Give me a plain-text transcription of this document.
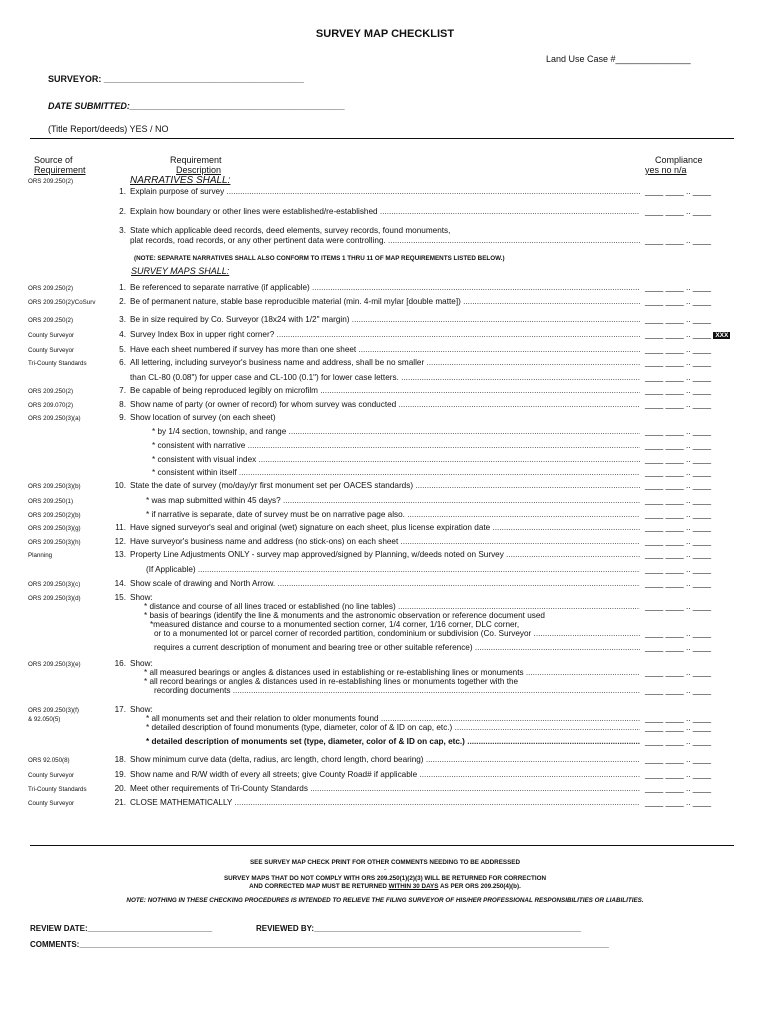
SURVEY MAP CHECKLIST
Land Use Case #_______________
SURVEYOR: ________________________________________
DATE SUBMITTED:___________________________________________
(Title Report/deeds) YES / NO
Source of
Requirement
Requirement
Description
Compliance
yes no n/a
ORS 209.250(2)	NARRATIVES SHALL:
1. Explain purpose of survey .....	____ ____ .. ____
2. Explain how boundary or other lines were established/re-established .....	____ ____ .. ____
3. State which applicable deed records, deed elements, survey records, found monuments,
plat records, road records, or any other pertinent data were controlling. .....	____ ____ .. ____
(NOTE: SEPARATE NARRATIVES SHALL ALSO CONFORM TO ITEMS 1 THRU 11 OF MAP REQUIREMENTS LISTED BELOW.)
SURVEY MAPS SHALL:
ORS 209.250(2)	1. Be referenced to separate narrative (if applicable) .....	____ ____ .. ____
ORS 209.250(2)/CoSurv	2. Be of permanent nature, stable base reproducible material (min. 4-mil mylar [double matte]) .....	____ ____ .. ____
ORS 209.250(2)	3. Be in size required by Co. Surveyor (18x24 with 1/2" margin) .....	____ ____ .. ____
County Surveyor	4. Survey Index Box in upper right corner? .....	____ ____ .. ____ XXX
County Surveyor	5. Have each sheet numbered if survey has more than one sheet .....	____ ____ .. ____
Tri-County Standards	6. All lettering, including surveyor's business name and address, shall be no smaller .....	____ ____ .. ____
than CL-80 (0.08") for upper case and CL-100 (0.1") for lower case letters. .....	____ ____ .. ____
ORS 209.250(2)	7. Be capable of being reproduced legibly on microfilm .....	____ ____ .. ____
ORS 209.070(2)	8. Show name of party (or owner of record) for whom survey was conducted .....	____ ____ .. ____
ORS 209.250(3)(a)	9. Show location of survey (on each sheet)
* by 1/4 section, township, and range .....	____ ____ .. ____
* consistent with narrative .....	____ ____ .. ____
* consistent with visual index .....	____ ____ .. ____
* consistent within itself .....	____ ____ .. ____
ORS 209.250(3)(b)	10. State the date of survey (mo/day/yr first monument set per OACES standards) .....	____ ____ .. ____
ORS 209.250(1)	* was map submitted within 45 days? .....	____ ____ .. ____
ORS 209.250(2)(b)	* if narrative is separate, date of survey must be on narrative page also. .....	____ ____ .. ____
ORS 209.250(3)(g)	11. Have signed surveyor's seal and original (wet) signature on each sheet, plus license expiration date .....	____ ____ .. ____
ORS 209.250(3)(h)	12. Have surveyor's business name and address (no stick-ons) on each sheet .....	____ ____ .. ____
Planning	13. Property Line Adjustments ONLY - survey map approved/signed by Planning, w/deeds noted on Survey .....	____ ____ .. ____
(If Applicable) .....	____ ____ .. ____
ORS 209.250(3)(c)	14. Show scale of drawing and North Arrow. .....	____ ____ .. ____
ORS 209.250(3)(d)	15. Show:
* distance and course of all lines traced or established (no line tables) .....	____ ____ .. ____
* basis of bearings (identify the line & monuments and the astronomic observation or reference document used
*measured distance and course to a monumented section corner, 1/4 corner, 1/16 corner, DLC corner,
or to a monumented lot or parcel corner of recorded partition, condominium or subdivision (Co. Surveyor .....	____ ____ .. ____
requires a current description of monument and bearing tree or other suitable reference) .....	____ ____ .. ____
ORS 209.250(3)(e)	16. Show:
* all measured bearings or angles & distances used in establishing or re-establishing lines or monuments .....	____ ____ .. ____
* all record bearings or angles & distances used in re-establishing lines or monuments together with the
recording documents .....	____ ____ .. ____
ORS 209.250(3)(f)	17. Show:
& 92.050(5)	* all monuments set and their relation to older monuments found .....	____ ____ .. ____
* detailed description of found monuments (type, diameter, color of & ID on cap, etc.) .....	____ ____ .. ____
* detailed description of monuments set (type, diameter, color of & ID on cap, etc.) .....	____ ____ .. ____
ORS 92.050(8)	18. Show minimum curve data (delta, radius, arc length, chord length, chord bearing) .....	____ ____ .. ____
County Surveyor	19. Show name and R/W width of every all streets; give County Road# if applicable .....	____ ____ .. ____
Tri-County Standards	20. Meet other requirements of Tri-County Standards .....	____ ____ .. ____
County Surveyor	21. CLOSE MATHEMATICALLY .....	____ ____ .. ____
SEE SURVEY MAP CHECK PRINT FOR OTHER COMMENTS NEEDING TO BE ADDRESSED
-
SURVEY MAPS THAT DO NOT COMPLY WITH ORS 209.250(1)(2)(3) WILL BE RETURNED FOR CORRECTION
AND CORRECTED MAP MUST BE RETURNED WITHIN 30 DAYS AS PER ORS 209.250(4)(b).
NOTE: NOTHING IN THESE CHECKING PROCEDURES IS INTENDED TO RELIEVE THE FILING SURVEYOR OF HIS/HER PROFESSIONAL RESPONSIBILITIES OR LIABILITIES.
REVIEW DATE:____________________________	REVIEWED BY:____________________________________________________________
COMMENTS:_______________________________________________________________________________________________________________________
